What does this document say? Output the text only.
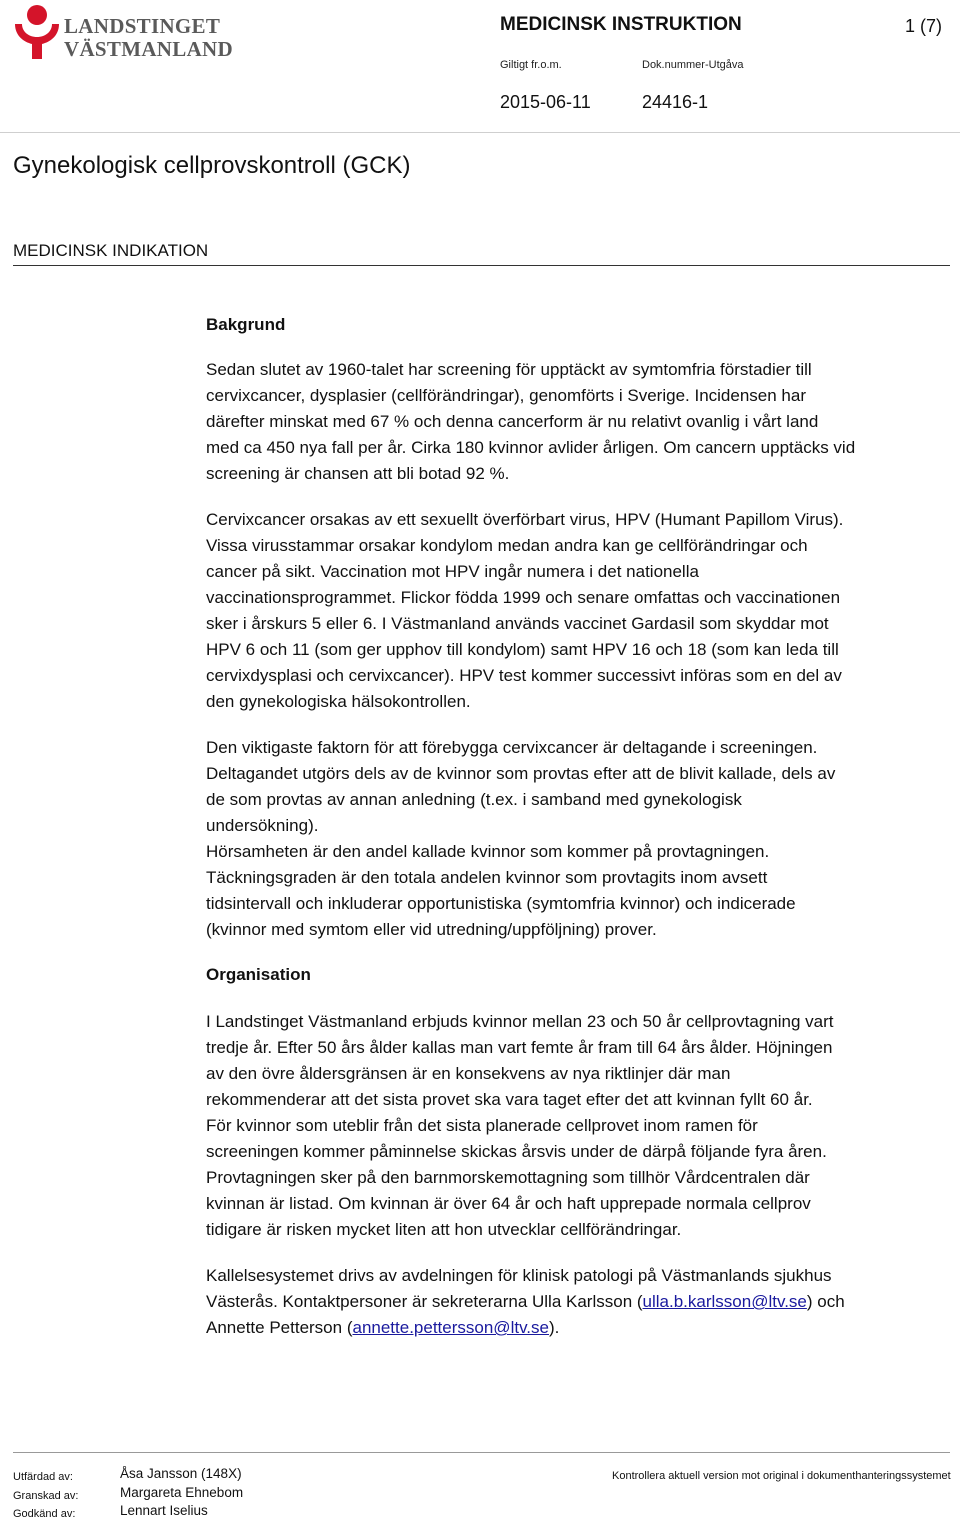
LANDSTINGET
VÄSTMANLAND
MEDICINSK INSTRUKTION	1 (7)
Giltigt fr.o.m.	Dok.nummer-Utgåva
2015-06-11	24416-1
Gynekologisk cellprovskontroll (GCK)
MEDICINSK INDIKATION
Bakgrund
Sedan slutet av 1960-talet har screening för upptäckt av symtomfria förstadier till
cervixcancer, dysplasier (cellförändringar), genomförts i Sverige. Incidensen har
därefter minskat med 67 % och denna cancerform är nu relativt ovanlig i vårt land
med ca 450 nya fall per år. Cirka 180 kvinnor avlider årligen. Om cancern upptäcks vid
screening är chansen att bli botad 92 %.
Cervixcancer orsakas av ett sexuellt överförbart virus, HPV (Humant Papillom Virus).
Vissa virusstammar orsakar kondylom medan andra kan ge cellförändringar och
cancer på sikt. Vaccination mot HPV ingår numera i det nationella
vaccinationsprogrammet. Flickor födda 1999 och senare omfattas och vaccinationen
sker i årskurs 5 eller 6. I Västmanland används vaccinet Gardasil som skyddar mot
HPV 6 och 11 (som ger upphov till kondylom) samt HPV 16 och 18 (som kan leda till
cervixdysplasi och cervixcancer). HPV test kommer successivt införas som en del av
den gynekologiska hälsokontrollen.
Den viktigaste faktorn för att förebygga cervixcancer är deltagande i screeningen.
Deltagandet utgörs dels av de kvinnor som provtas efter att de blivit kallade, dels av
de som provtas av annan anledning (t.ex. i samband med gynekologisk
undersökning).
Hörsamheten är den andel kallade kvinnor som kommer på provtagningen.
Täckningsgraden är den totala andelen kvinnor som provtagits inom avsett
tidsintervall och inkluderar opportunistiska (symtomfria kvinnor) och indicerade
(kvinnor med symtom eller vid utredning/uppföljning) prover.
Organisation
I Landstinget Västmanland erbjuds kvinnor mellan 23 och 50 år cellprovtagning vart
tredje år. Efter 50 års ålder kallas man vart femte år fram till 64 års ålder. Höjningen
av den övre åldersgränsen är en konsekvens av nya riktlinjer där man
rekommenderar att det sista provet ska vara taget efter det att kvinnan fyllt 60 år.
För kvinnor som uteblir från det sista planerade cellprovet inom ramen för
screeningen kommer påminnelse skickas årsvis under de därpå följande fyra åren.
Provtagningen sker på den barnmorskemottagning som tillhör Vårdcentralen där
kvinnan är listad. Om kvinnan är över 64 år och haft upprepade normala cellprov
tidigare är risken mycket liten att hon utvecklar cellförändringar.
Kallelsesystemet drivs av avdelningen för klinisk patologi på Västmanlands sjukhus
Västerås. Kontaktpersoner är sekreterarna Ulla Karlsson (ulla.b.karlsson@ltv.se) och
Annette Petterson (annette.pettersson@ltv.se).
Utfärdad av:	Åsa Jansson (148X)
Granskad av:	Margareta Ehnebom
Godkänd av:	Lennart Iselius
Kontrollera aktuell version mot original i dokumenthanteringssystemet
